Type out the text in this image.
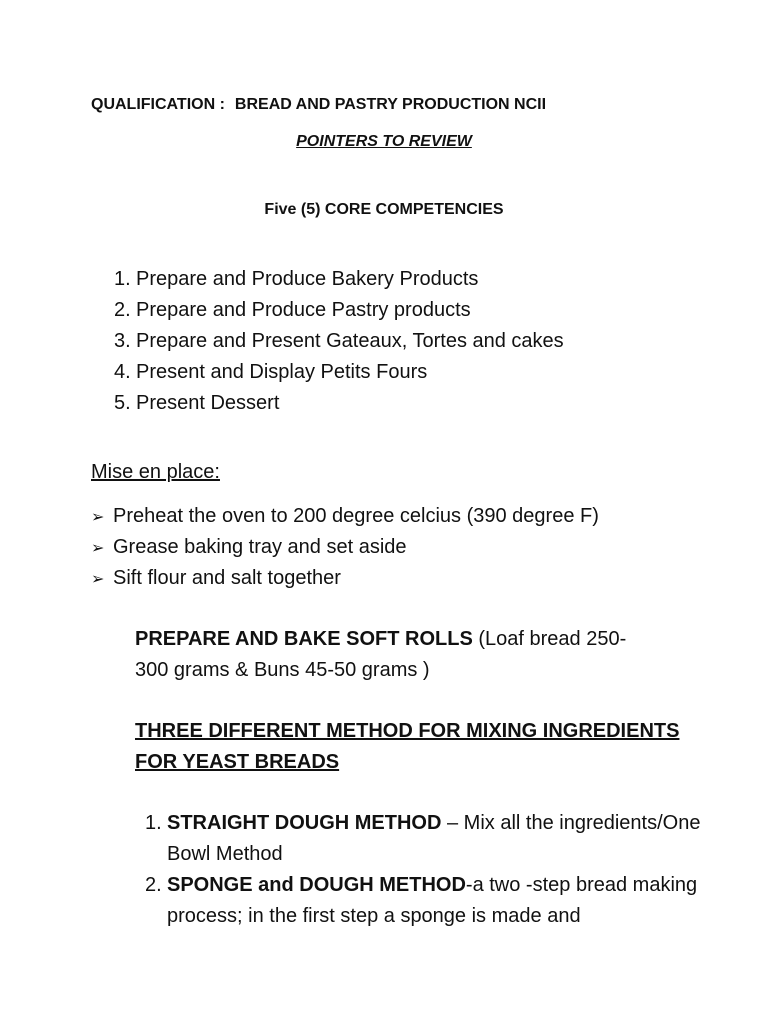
QUALIFICATION : BREAD AND PASTRY PRODUCTION NCII
POINTERS TO REVIEW
Five (5) CORE COMPETENCIES
1. Prepare and Produce Bakery Products
2. Prepare and Produce Pastry products
3. Prepare and Present Gateaux, Tortes and cakes
4. Present and Display Petits Fours
5. Present Dessert
Mise en place:
➢ Preheat the oven to 200 degree celcius (390 degree F)
➢ Grease baking tray and set aside
➢ Sift flour and salt together
PREPARE AND BAKE SOFT ROLLS (Loaf bread 250-300 grams & Buns 45-50 grams )
THREE DIFFERENT METHOD FOR MIXING INGREDIENTS FOR YEAST BREADS
1. STRAIGHT DOUGH METHOD – Mix all the ingredients/One Bowl Method
2. SPONGE and DOUGH METHOD-a two -step bread making process; in the first step a sponge is made and
